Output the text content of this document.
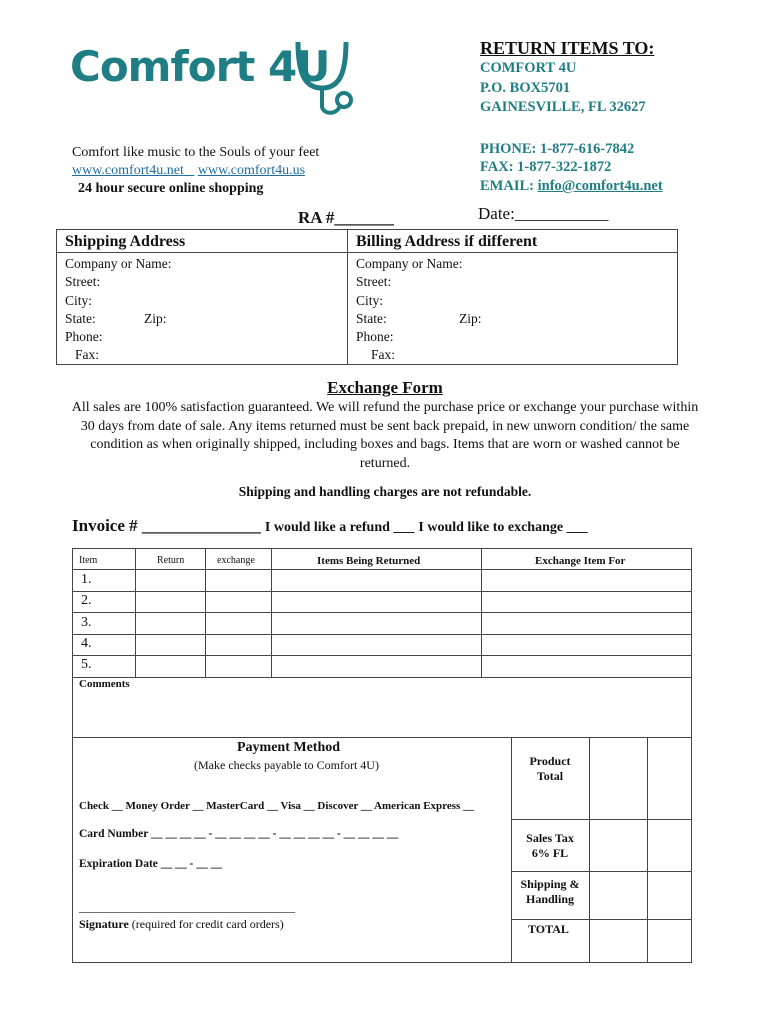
Comfort 4U	RETURN ITEMS TO:
COMFORT 4U
P.O. BOX5701
GAINESVILLE, FL 32627
PHONE: 1-877-616-7842
FAX: 1-877-322-1872
EMAIL: info@comfort4u.net
Comfort like music to the Souls of your feet
www.comfort4u.net www.comfort4u.us
24 hour secure online shopping
RA #_______	Date:___________
Shipping Address
Company or Name:
Street:
City:
State:	Zip:
Phone:
Fax:
Billing Address if different
Company or Name:
Street:
City:
State:	Zip:
Phone:
Fax:
Exchange Form
All sales are 100% satisfaction guaranteed. We will refund the purchase price or exchange your purchase within 30 days from date of sale. Any items returned must be sent back prepaid, in new unworn condition/ the same condition as when originally shipped, including boxes and bags. Items that are worn or washed cannot be returned.
Shipping and handling charges are not refundable.
Invoice # ______________ I would like a refund ___ I would like to exchange ___
Item	Return	exchange	Items Being Returned	Exchange Item For
1.
2.
3.
4.
5.
Comments
Payment Method
(Make checks payable to Comfort 4U)
Check __ Money Order __ MasterCard __ Visa __ Discover __ American Express __
Card Number __ __ __ __ - __ __ __ __ - __ __ __ __ - __ __ __ __
Expiration Date __ __ - __ __
____________________________________
Signature (required for credit card orders)
Product
Total
Sales Tax
6% FL
Shipping &
Handling
TOTAL
